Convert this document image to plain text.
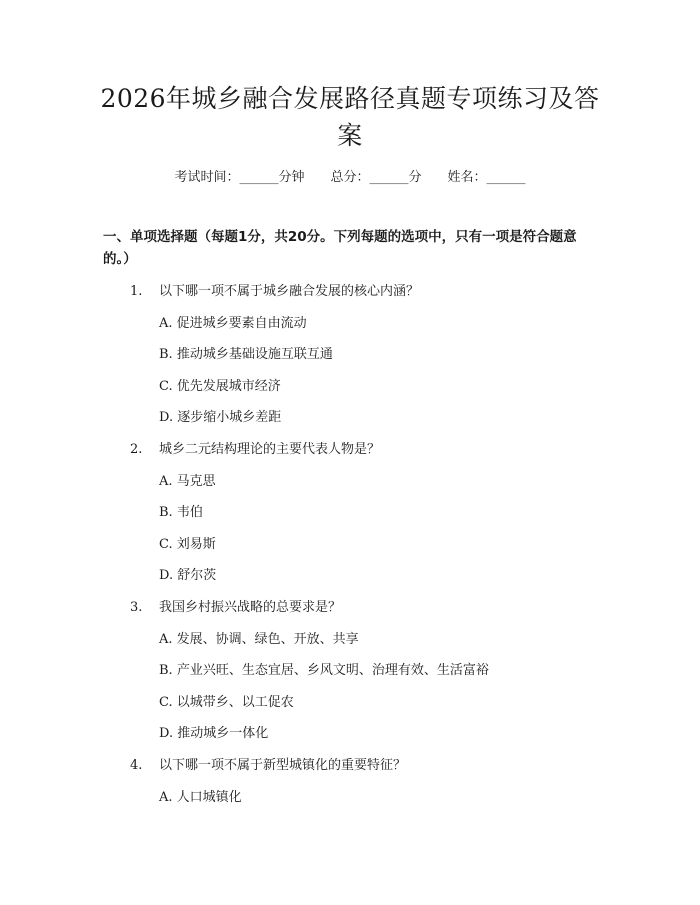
2026年城乡融合发展路径真题专项练习及答案
考试时间：______分钟 总分：______分 姓名：______
一、单项选择题（每题1分，共20分。下列每题的选项中，只有一项是符合题意的。）
1. 以下哪一项不属于城乡融合发展的核心内涵？
A. 促进城乡要素自由流动
B. 推动城乡基础设施互联互通
C. 优先发展城市经济
D. 逐步缩小城乡差距
2. 城乡二元结构理论的主要代表人物是？
A. 马克思
B. 韦伯
C. 刘易斯
D. 舒尔茨
3. 我国乡村振兴战略的总要求是？
A. 发展、协调、绿色、开放、共享
B. 产业兴旺、生态宜居、乡风文明、治理有效、生活富裕
C. 以城带乡、以工促农
D. 推动城乡一体化
4. 以下哪一项不属于新型城镇化的重要特征？
A. 人口城镇化
